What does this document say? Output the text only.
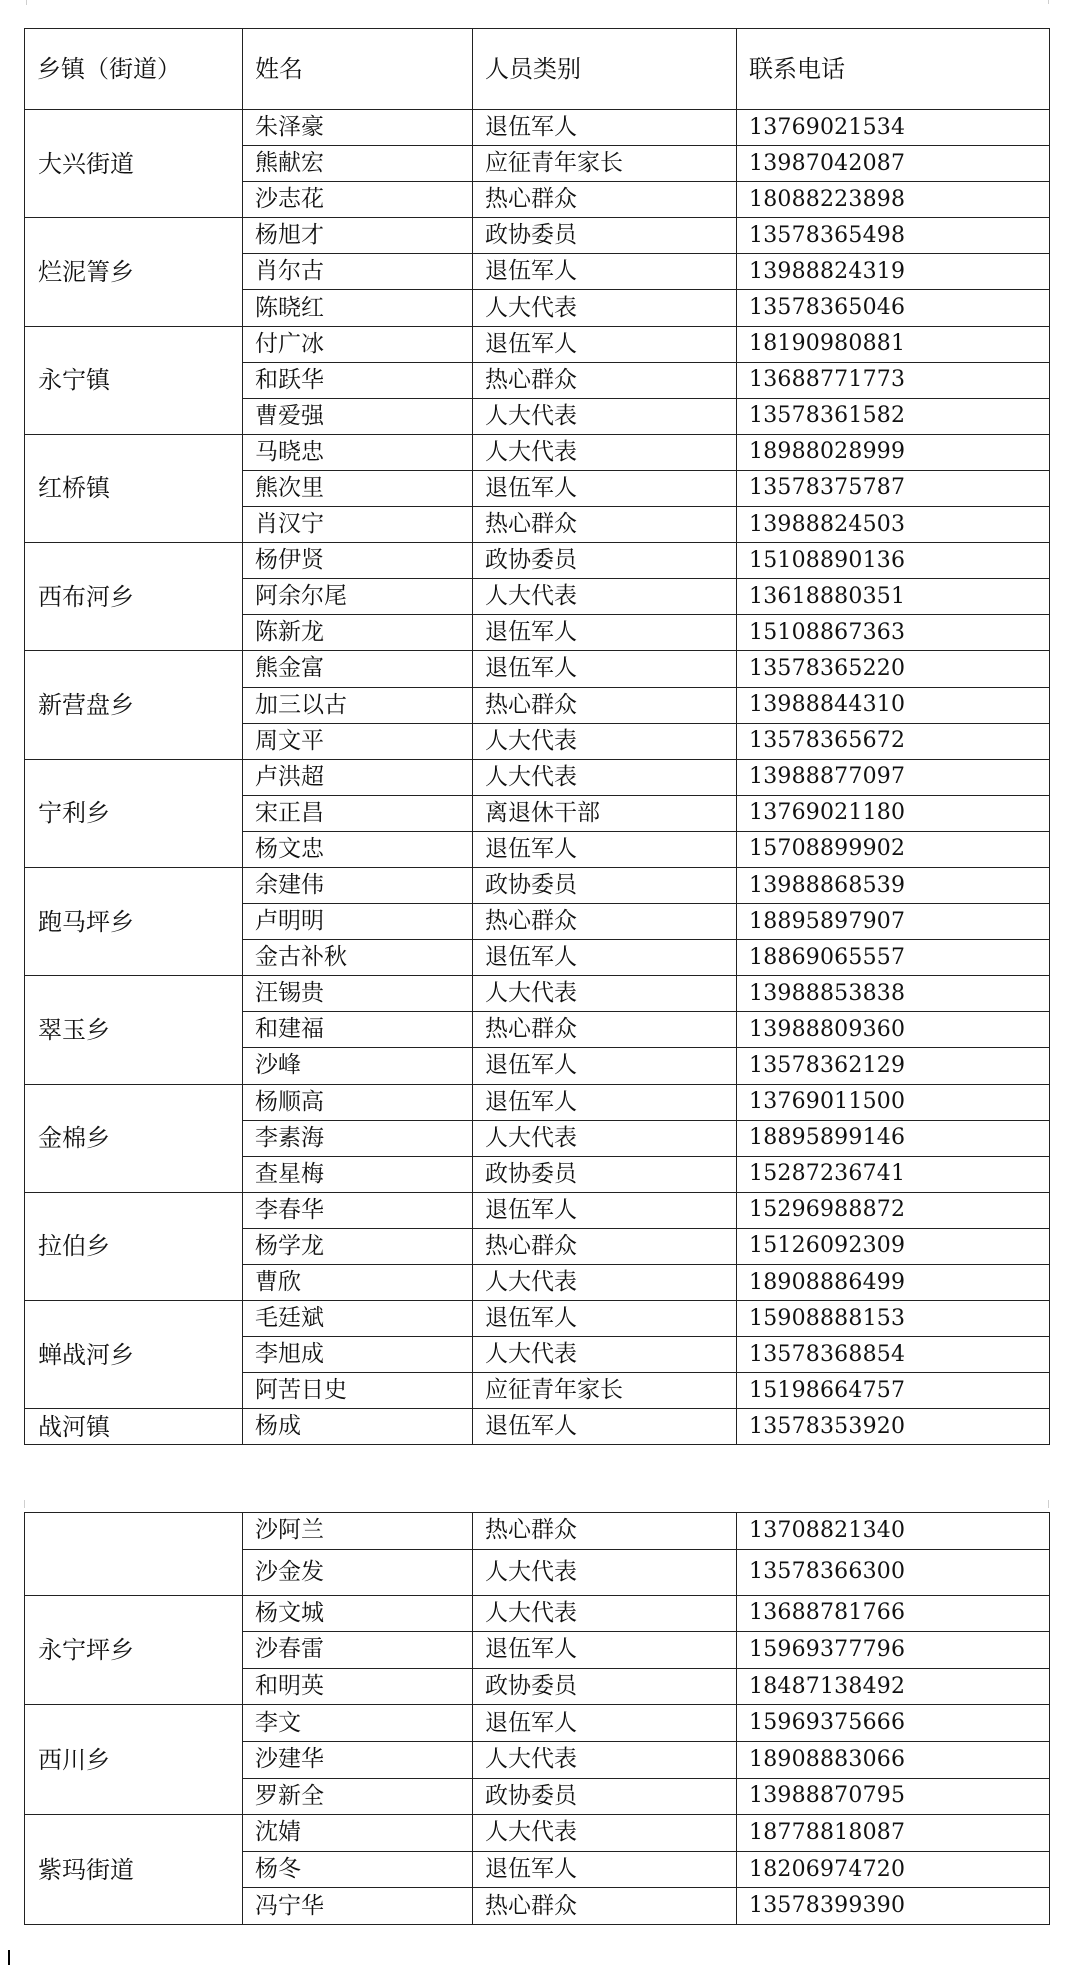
乡镇（街道）	姓名	人员类别	联系电话
大兴街道	朱泽豪	退伍军人	13769021534
	熊献宏	应征青年家长	13987042087
	沙志花	热心群众	18088223898
烂泥箐乡	杨旭才	政协委员	13578365498
	肖尔古	退伍军人	13988824319
	陈晓红	人大代表	13578365046
永宁镇	付广冰	退伍军人	18190980881
	和跃华	热心群众	13688771773
	曹爱强	人大代表	13578361582
红桥镇	马晓忠	人大代表	18988028999
	熊次里	退伍军人	13578375787
	肖汉宁	热心群众	13988824503
西布河乡	杨伊贤	政协委员	15108890136
	阿余尔尾	人大代表	13618880351
	陈新龙	退伍军人	15108867363
新营盘乡	熊金富	退伍军人	13578365220
	加三以古	热心群众	13988844310
	周文平	人大代表	13578365672
宁利乡	卢洪超	人大代表	13988877097
	宋正昌	离退休干部	13769021180
	杨文忠	退伍军人	15708899902
跑马坪乡	余建伟	政协委员	13988868539
	卢明明	热心群众	18895897907
	金古补秋	退伍军人	18869065557
翠玉乡	汪锡贵	人大代表	13988853838
	和建福	热心群众	13988809360
	沙峰	退伍军人	13578362129
金棉乡	杨顺高	退伍军人	13769011500
	李素海	人大代表	18895899146
	查星梅	政协委员	15287236741
拉伯乡	李春华	退伍军人	15296988872
	杨学龙	热心群众	15126092309
	曹欣	人大代表	18908886499
蝉战河乡	毛廷斌	退伍军人	15908888153
	李旭成	人大代表	13578368854
	阿苦日史	应征青年家长	15198664757
战河镇	杨成	退伍军人	13578353920
	沙阿兰	热心群众	13708821340
	沙金发	人大代表	13578366300
永宁坪乡	杨文城	人大代表	13688781766
	沙春雷	退伍军人	15969377796
	和明英	政协委员	18487138492
西川乡	李文	退伍军人	15969375666
	沙建华	人大代表	18908883066
	罗新全	政协委员	13988870795
紫玛街道	沈婧	人大代表	18778818087
	杨冬	退伍军人	18206974720
	冯宁华	热心群众	13578399390
